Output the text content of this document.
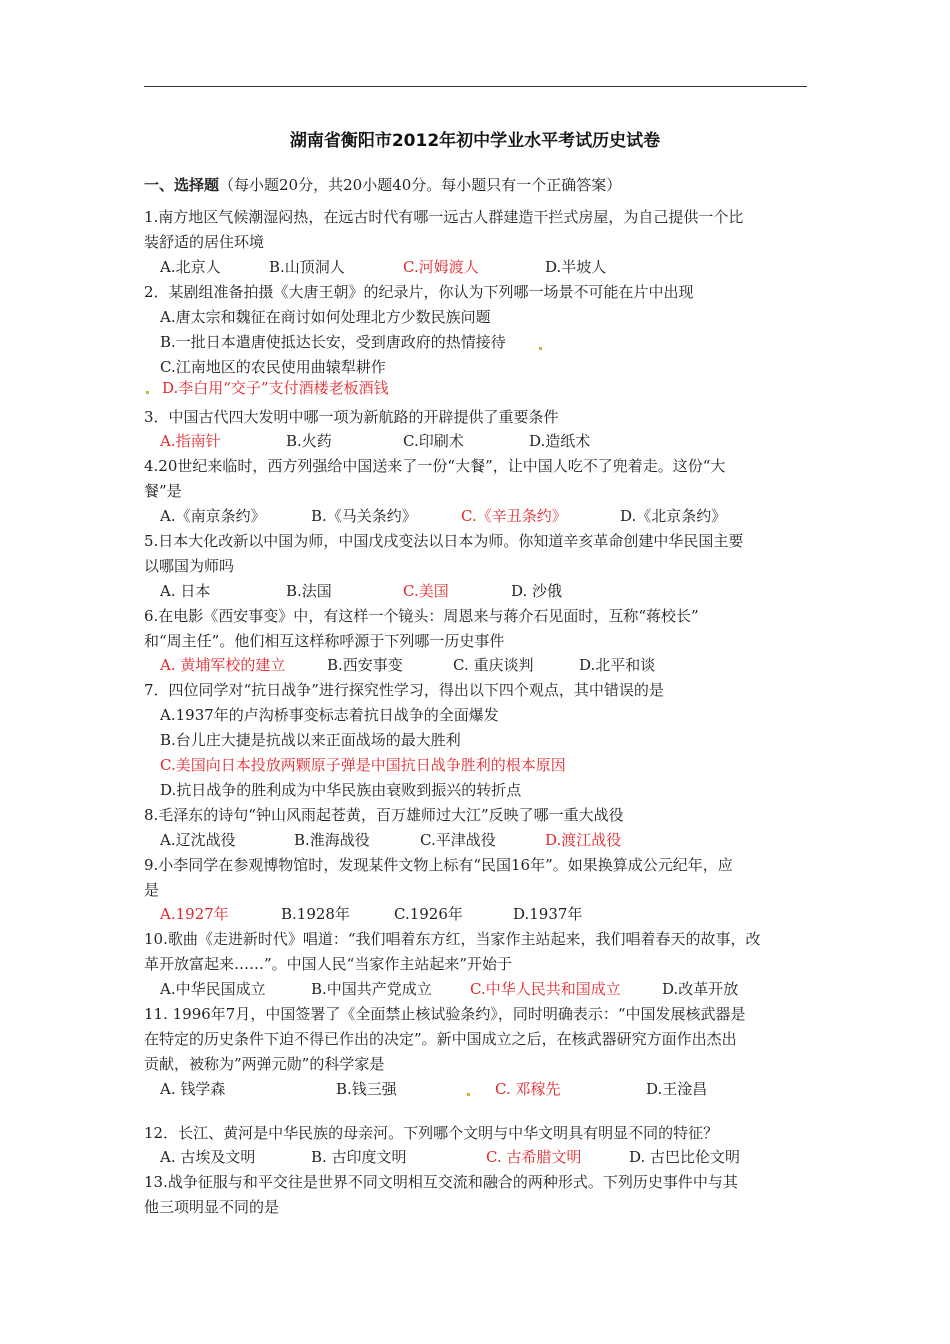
湖南省衡阳市2012年初中学业水平考试历史试卷
一、选择题（每小题20分，共20小题40分。每小题只有一个正确答案）
1.南方地区气候潮湿闷热，在远古时代有哪一远古人群建造干拦式房屋，为自己提供一个比
装舒适的居住环境
A.北京人	B.山顶洞人	C.河姆渡人	D.半坡人
2．某剧组准备拍摄《大唐王朝》的纪录片，你认为下列哪一场景不可能在片中出现
A.唐太宗和魏征在商讨如何处理北方少数民族问题
B.一批日本遣唐使抵达长安，受到唐政府的热情接待
C.江南地区的农民使用曲辕犁耕作
D.李白用“交子”支付酒楼老板酒钱
3．中国古代四大发明中哪一项为新航路的开辟提供了重要条件
A.指南针	B.火药	C.印刷术	D.造纸术
4.20世纪来临时，西方列强给中国送来了一份“大餐”，让中国人吃不了兜着走。这份“大
餐”是
A.《南京条约》	B.《马关条约》	C.《辛丑条约》	D.《北京条约》
5.日本大化改新以中国为师，中国戊戌变法以日本为师。你知道辛亥革命创建中华民国主要
以哪国为师吗
A. 日本	B.法国	C.美国	D. 沙俄
6.在电影《西安事变》中，有这样一个镜头：周恩来与蒋介石见面时，互称“蒋校长”
和“周主任”。他们相互这样称呼源于下列哪一历史事件
A. 黄埔军校的建立	B.西安事变	C. 重庆谈判	D.北平和谈
7．四位同学对“抗日战争”进行探究性学习，得出以下四个观点，其中错误的是
A.1937年的卢沟桥事变标志着抗日战争的全面爆发
B.台儿庄大捷是抗战以来正面战场的最大胜利
C.美国向日本投放两颗原子弹是中国抗日战争胜利的根本原因
D.抗日战争的胜利成为中华民族由衰败到振兴的转折点
8.毛泽东的诗句“钟山风雨起苍黄，百万雄师过大江”反映了哪一重大战役
A.辽沈战役	B.淮海战役	C.平津战役	D.渡江战役
9.小李同学在参观博物馆时，发现某件文物上标有“民国16年”。如果换算成公元纪年，应
是
A.1927年	B.1928年	C.1926年	D.1937年
10.歌曲《走进新时代》唱道：“我们唱着东方红，当家作主站起来，我们唱着春天的故事，改
革开放富起来……”。中国人民“当家作主站起来”开始于
A.中华民国成立	B.中国共产党成立	C.中华人民共和国成立	D.改革开放
11. 1996年7月，中国签署了《全面禁止核试验条约》，同时明确表示：“中国发展核武器是
在特定的历史条件下迫不得已作出的决定”。新中国成立之后，在核武器研究方面作出杰出
贡献，被称为”两弹元勋”的科学家是
A. 钱学森	B.钱三强	C. 邓稼先	D.王淦昌
12．长江、黄河是中华民族的母亲河。下列哪个文明与中华文明具有明显不同的特征？
A. 古埃及文明	B. 古印度文明	C. 古希腊文明	D. 古巴比伦文明
13.战争征服与和平交往是世界不同文明相互交流和融合的两种形式。下列历史事件中与其
他三项明显不同的是
